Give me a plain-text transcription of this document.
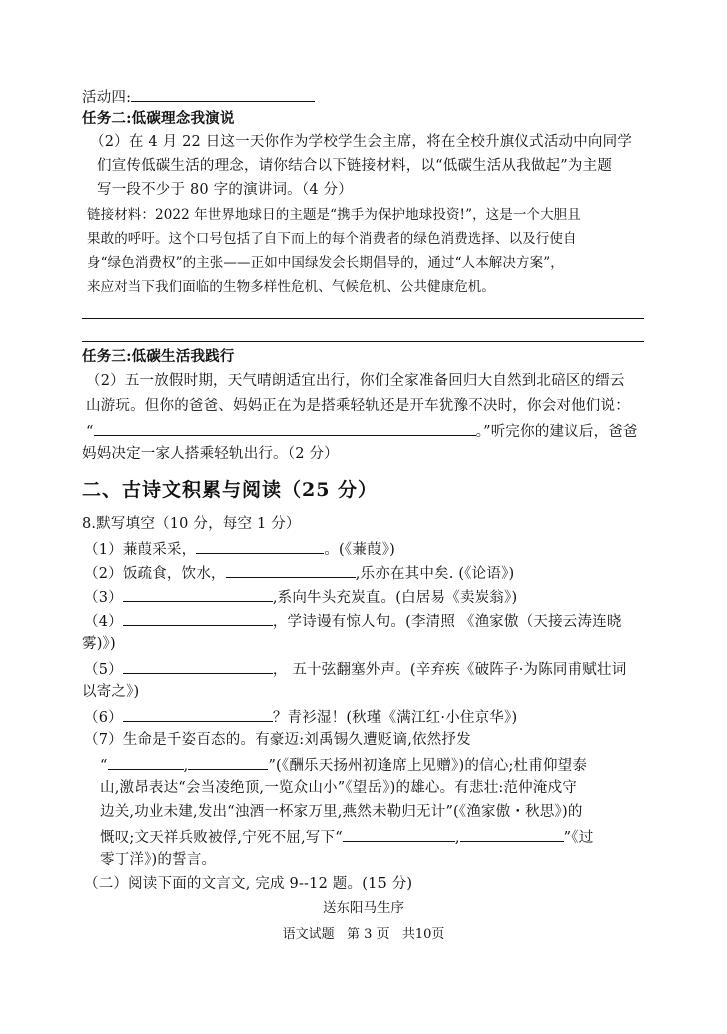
活动四:
任务二:低碳理念我演说
（2）在 4 月 22 日这一天你作为学校学生会主席，将在全校升旗仪式活动中向同学
们宣传低碳生活的理念，请你结合以下链接材料，以“低碳生活从我做起”为主题
写一段不少于 80 字的演讲词。（4 分）
链接材料：2022 年世界地球日的主题是“携手为保护地球投资!”，这是一个大胆且
果敢的呼吁。这个口号包括了自下而上的每个消费者的绿色消费选择、以及行使自
身“绿色消费权”的主张——正如中国绿发会长期倡导的，通过“人本解决方案”，
来应对当下我们面临的生物多样性危机、气候危机、公共健康危机。
任务三:低碳生活我践行
（2）五一放假时期，天气晴朗适宜出行，你们全家准备回归大自然到北碚区的缙云
山游玩。但你的爸爸、妈妈正在为是搭乘轻轨还是开车犹豫不决时，你会对他们说：
“	。”听完你的建议后，爸爸
妈妈决定一家人搭乘轻轨出行。（2 分）
二、古诗文积累与阅读（25 分）
8.默写填空（10 分，每空 1 分）
（1）蒹葭采采，	。(《蒹葭》)
（2）饭疏食，饮水，	,乐亦在其中矣. (《论语》)
（3）	,系向牛头充炭直。(白居易《卖炭翁》)
（4）	，学诗谩有惊人句。(李清照 《渔家傲（天接云涛连晓
雾)》)
（5）	， 五十弦翻塞外声。(辛弃疾《破阵子·为陈同甫赋壮词
以寄之》)
（6）	？青衫湿！(秋瑾《满江红·小住京华》)
（7）生命是千姿百态的。有豪迈:刘禹锡久遭贬谪,依然抒发
“	,	”(《酬乐天扬州初逢席上见赠》)的信心;杜甫仰望泰
山,激昂表达“会当凌绝顶,一览众山小”《望岳》)的雄心。有悲壮:范仲淹戍守
边关,功业未建,发出“浊酒一杯家万里,燕然未勒归无计”(《渔家傲・秋思》)的
慨叹;文天祥兵败被俘,宁死不屈,写下“	,	”《过
零丁洋》)的誓言。
（二）阅读下面的文言文, 完成 9--12 题。(15 分)
送东阳马生序
语文试题   第 3 页   共10页
